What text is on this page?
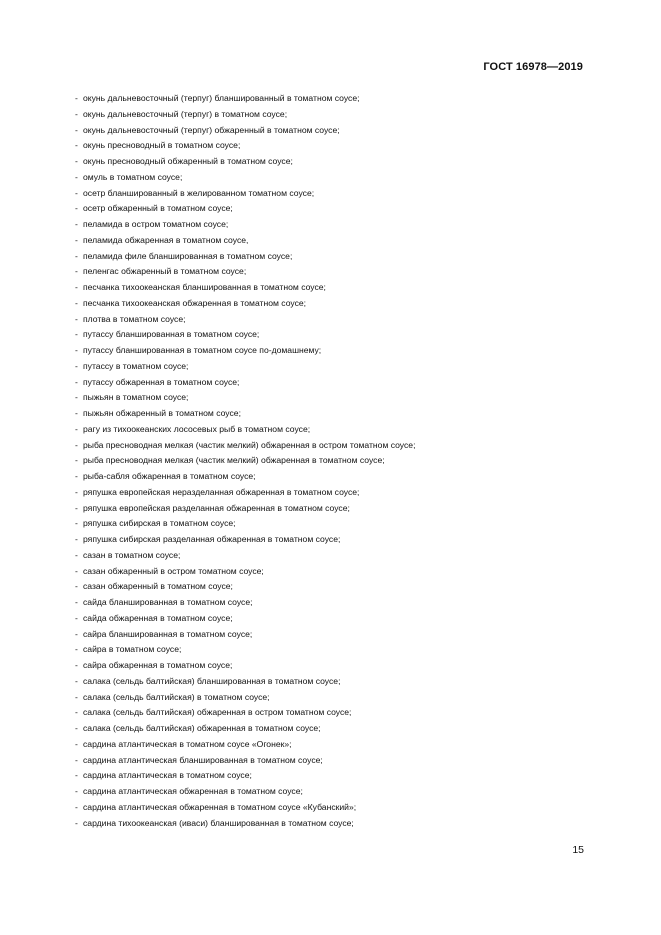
ГОСТ 16978—2019
- окунь дальневосточный (терпуг) бланшированный в томатном соусе;
- окунь дальневосточный (терпуг) в томатном соусе;
- окунь дальневосточный (терпуг) обжаренный в томатном соусе;
- окунь пресноводный в томатном соусе;
- окунь пресноводный обжаренный в томатном соусе;
- омуль в томатном соусе;
- осетр бланшированный в желированном томатном соусе;
- осетр обжаренный в томатном соусе;
- пеламида в остром томатном соусе;
- пеламида обжаренная в томатном соусе,
- пеламида филе бланшированная в томатном соусе;
- пеленгас обжаренный в томатном соусе;
- песчанка тихоокеанская бланшированная в томатном соусе;
- песчанка тихоокеанская обжаренная в томатном соусе;
- плотва в томатном соусе;
- путассу бланшированная в томатном соусе;
- путассу бланшированная в томатном соусе по-домашнему;
- путассу в томатном соусе;
- путассу обжаренная в томатном соусе;
- пыжьян в томатном соусе;
- пыжьян обжаренный в томатном соусе;
- рагу из тихоокеанских лососевых рыб в томатном соусе;
- рыба пресноводная мелкая (частик мелкий) обжаренная в остром томатном соусе;
- рыба пресноводная мелкая (частик мелкий) обжаренная в томатном соусе;
- рыба-сабля обжаренная в томатном соусе;
- ряпушка европейская неразделанная обжаренная в томатном соусе;
- ряпушка европейская разделанная обжаренная в томатном соусе;
- ряпушка сибирская в томатном соусе;
- ряпушка сибирская разделанная обжаренная в томатном соусе;
- сазан в томатном соусе;
- сазан обжаренный в остром томатном соусе;
- сазан обжаренный в томатном соусе;
- сайда бланшированная в томатном соусе;
- сайда обжаренная в томатном соусе;
- сайра бланшированная в томатном соусе;
- сайра в томатном соусе;
- сайра обжаренная в томатном соусе;
- салака (сельдь балтийская) бланшированная в томатном соусе;
- салака (сельдь балтийская) в томатном соусе;
- салака (сельдь балтийская) обжаренная в остром томатном соусе;
- салака (сельдь балтийская) обжаренная в томатном соусе;
- сардина атлантическая в томатном соусе «Огонек»;
- сардина атлантическая бланшированная в томатном соусе;
- сардина атлантическая в томатном соусе;
- сардина атлантическая обжаренная в томатном соусе;
- сардина атлантическая обжаренная в томатном соусе «Кубанский»;
- сардина тихоокеанская (иваси) бланшированная в томатном соусе;
15
